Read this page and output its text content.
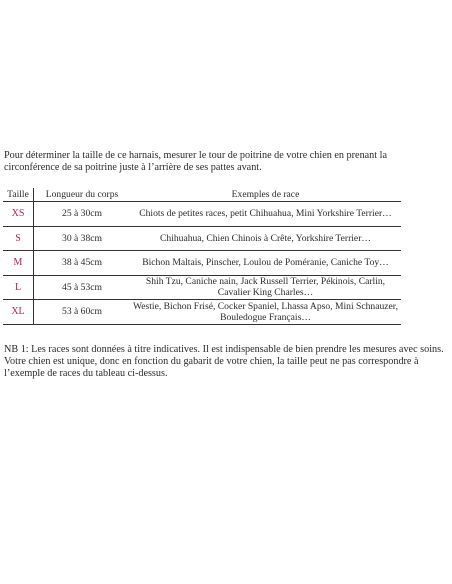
Pour déterminer la taille de ce harnais, mesurer le tour de poitrine de votre chien en prenant la circonférence de sa poitrine juste à l’arrière de ses pattes avant.

Taille	Longueur du corps	Exemples de race
XS	25 à 30cm	Chiots de petites races, petit Chihuahua, Mini Yorkshire Terrier…
S	30 à 38cm	Chihuahua, Chien Chinois à Crête, Yorkshire Terrier…
M	38 à 45cm	Bichon Maltais, Pinscher, Loulou de Poméranie, Caniche Toy…
L	45 à 53cm	Shih Tzu, Caniche nain, Jack Russell Terrier, Pékinois, Carlin, Cavalier King Charles…
XL	53 à 60cm	Westie, Bichon Frisé, Cocker Spaniel, Lhassa Apso, Mini Schnauzer, Bouledogue Français…

NB 1: Les races sont données à titre indicatives. Il est indispensable de bien prendre les mesures avec soins. Votre chien est unique, donc en fonction du gabarit de votre chien, la taille peut ne pas correspondre à l’exemple de races du tableau ci-dessus.
